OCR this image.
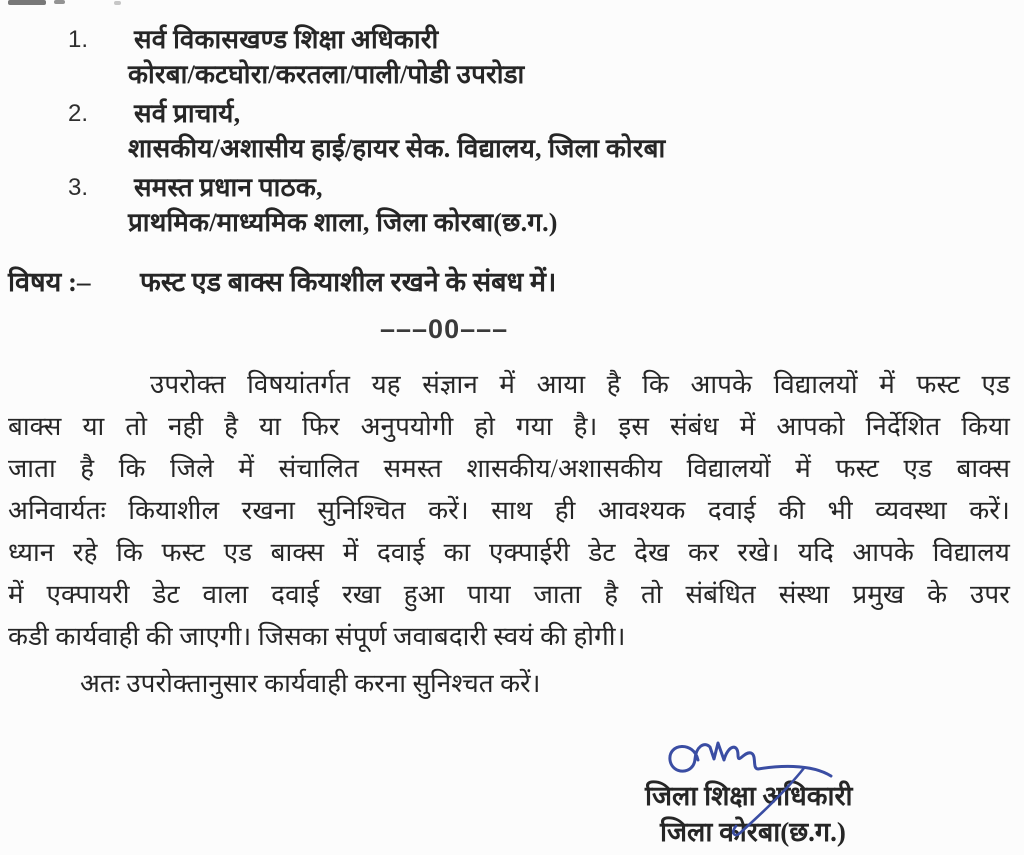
1.	सर्व विकासखण्ड शिक्षा अधिकारी
कोरबा/कटघोरा/करतला/पाली/पोडी उपरोडा
2.	सर्व प्राचार्य,
शासकीय/अशासीय हाई/हायर सेक. विद्यालय, जिला कोरबा
3.	समस्त प्रधान पाठक,
प्राथमिक/माध्यमिक शाला, जिला कोरबा(छ.ग.)
विषय :–	फस्ट एड बाक्स कियाशील रखने के संबध में।
–––00–––
उपरोक्त विषयांतर्गत यह संज्ञान में आया है कि आपके विद्यालयों में फस्ट एड
बाक्स या तो नही है या फिर अनुपयोगी हो गया है। इस संबंध में आपको निर्देशित किया
जाता है कि जिले में संचालित समस्त शासकीय/अशासकीय विद्यालयों में फस्ट एड बाक्स
अनिवार्यतः कियाशील रखना सुनिश्चित करें। साथ ही आवश्यक दवाई की भी व्यवस्था करें।
ध्यान रहे कि फस्ट एड बाक्स में दवाई का एक्पाईरी डेट देख कर रखे। यदि आपके विद्यालय
में एक्पायरी डेट वाला दवाई रखा हुआ पाया जाता है तो संबंधित संस्था प्रमुख के उपर
कडी कार्यवाही की जाएगी। जिसका संपूर्ण जवाबदारी स्वयं की होगी।
अतः उपरोक्तानुसार कार्यवाही करना सुनिश्चत करें।
जिला शिक्षा अधिकारी
जिला कोरबा(छ.ग.)
